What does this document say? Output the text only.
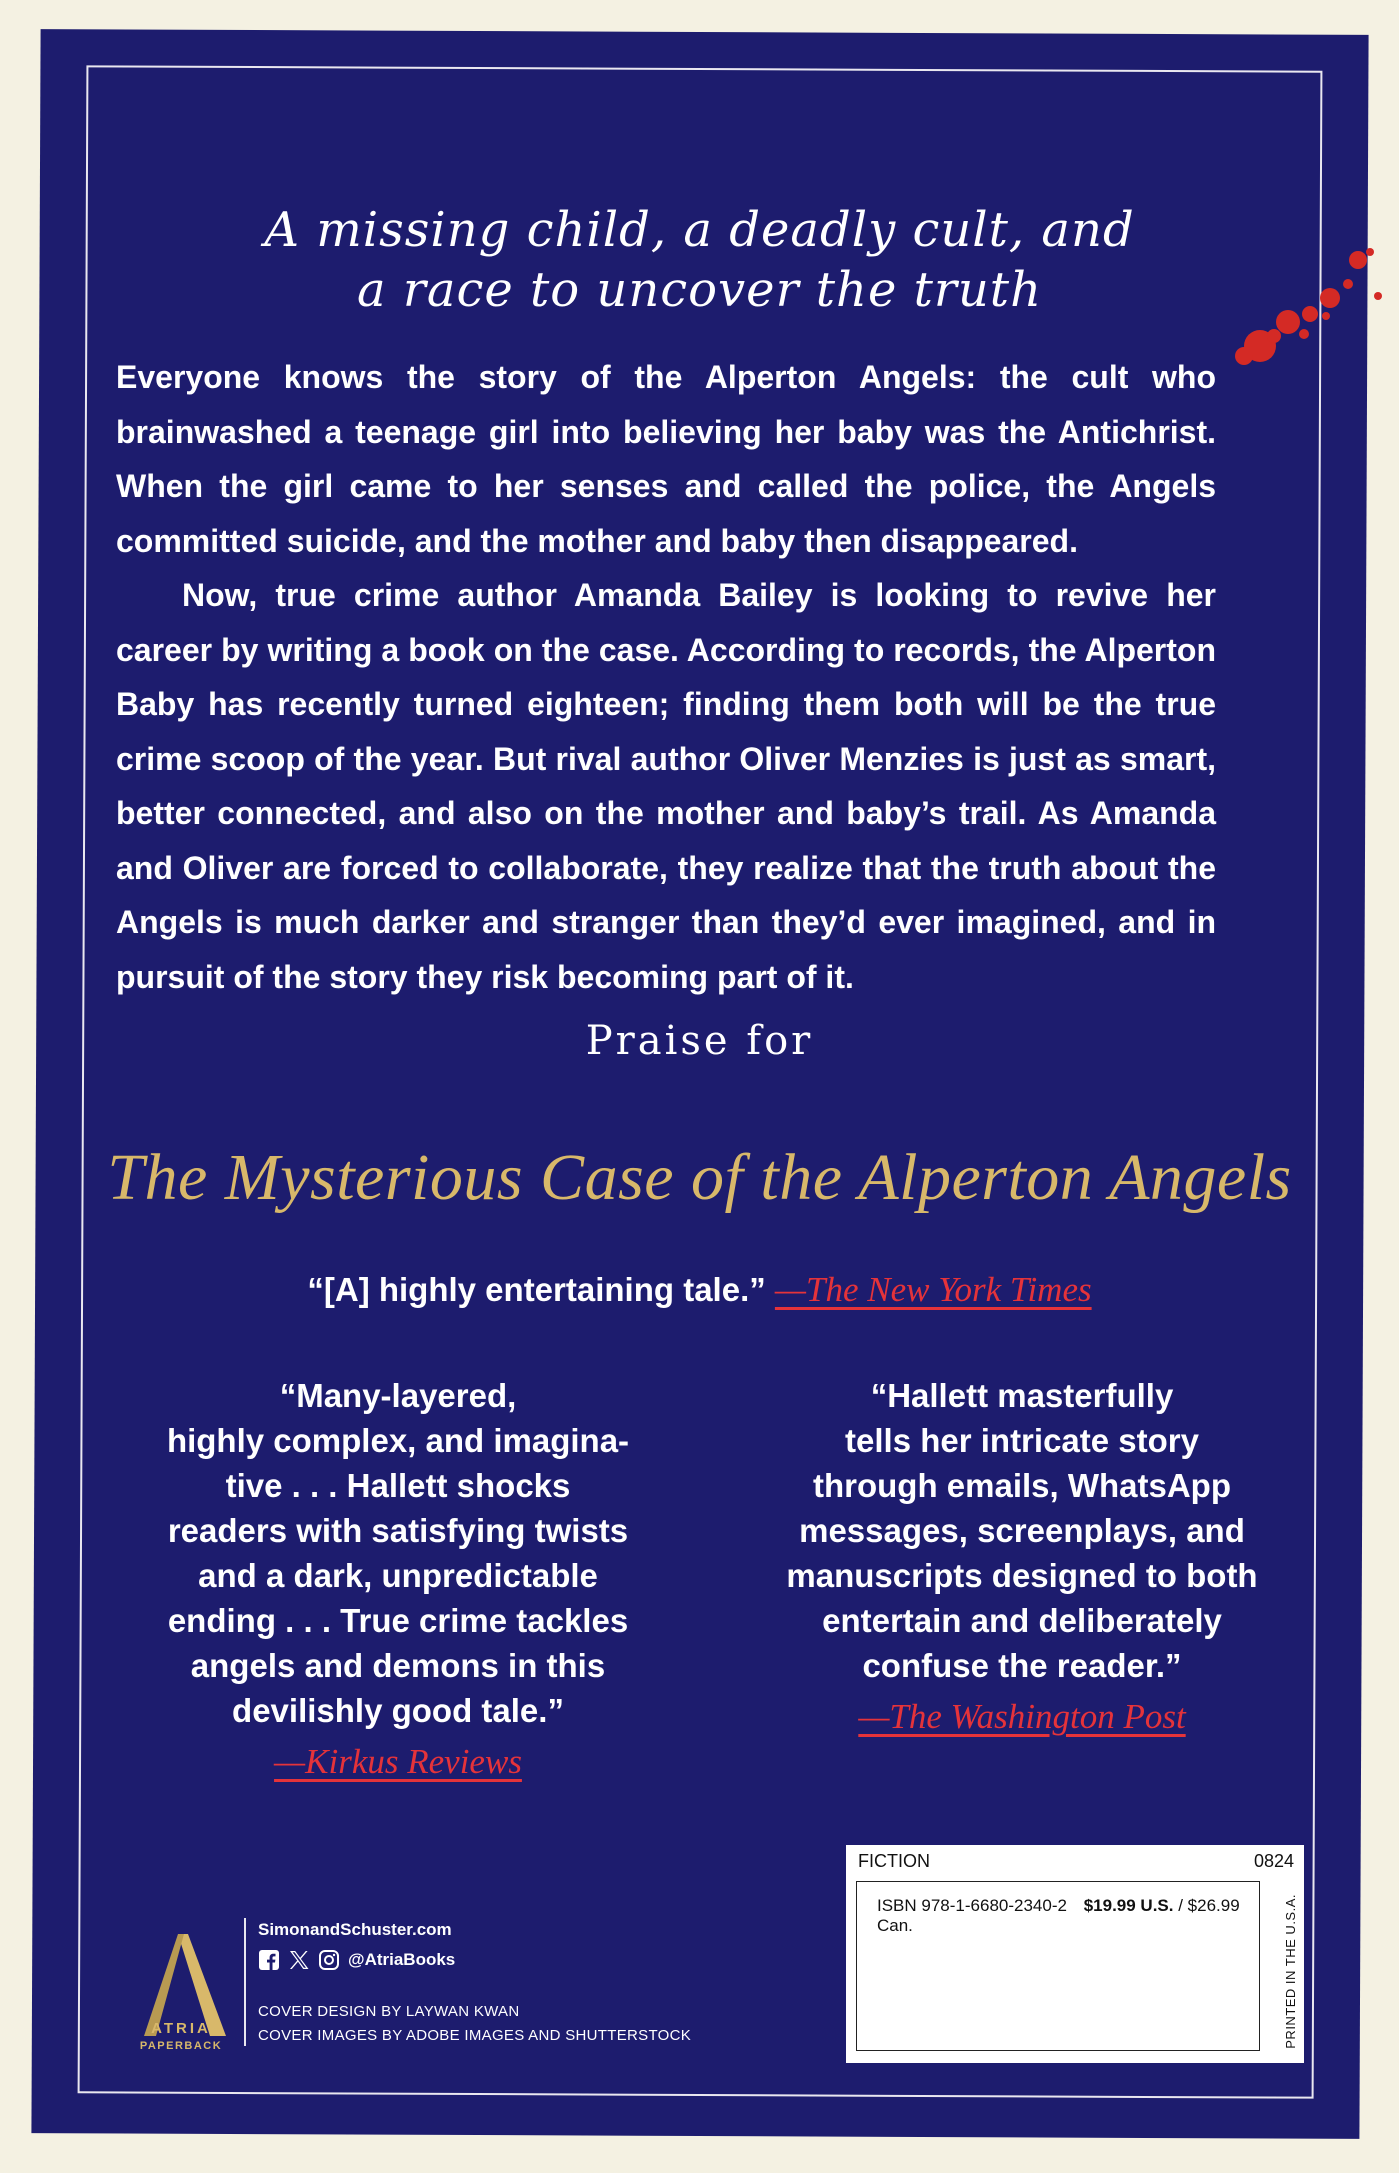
A missing child, a deadly cult, and
a race to uncover the truth

Everyone knows the story of the Alperton Angels: the cult who brainwashed a teenage girl into believing her baby was the Antichrist. When the girl came to her senses and called the police, the Angels committed suicide, and the mother and baby then disappeared.

Now, true crime author Amanda Bailey is looking to revive her career by writing a book on the case. According to records, the Alperton Baby has recently turned eighteen; finding them both will be the true crime scoop of the year. But rival author Oliver Menzies is just as smart, better connected, and also on the mother and baby’s trail. As Amanda and Oliver are forced to collaborate, they realize that the truth about the Angels is much darker and stranger than they’d ever imagined, and in pursuit of the story they risk becoming part of it.

Praise for
The Mysterious Case of the Alperton Angels
“[A] highly entertaining tale.” —The New York Times
“Many-layered,
highly complex, and imagina-
tive . . . Hallett shocks
readers with satisfying twists
and a dark, unpredictable
ending . . . True crime tackles
angels and demons in this
devilishly good tale.”
—Kirkus Reviews
“Hallett masterfully
tells her intricate story
through emails, WhatsApp
messages, screenplays, and
manuscripts designed to both
entertain and deliberately
confuse the reader.”
—The Washington Post
FICTION	0824
ISBN 978-1-6680-2340-2 $19.99 U.S. / $26.99 Can.	PRINTED IN THE U.S.A.
ATRIA
PAPERBACK
SimonandSchuster.com
@AtriaBooks
COVER DESIGN BY LAYWAN KWAN
COVER IMAGES BY ADOBE IMAGES AND SHUTTERSTOCK
